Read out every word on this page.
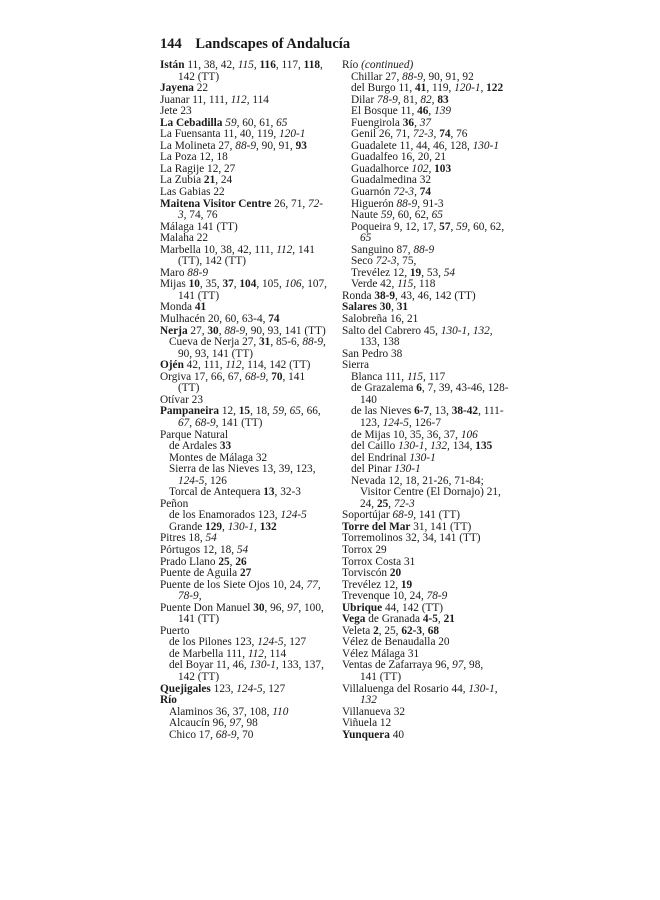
144 Landscapes of Andalucía
Istán 11, 38, 42, 115, 116, 117, 118,
142 (TT)
Jayena 22
Juanar 11, 111, 112, 114
Jete 23
La Cebadilla 59, 60, 61, 65
La Fuensanta 11, 40, 119, 120-1
La Molineta 27, 88-9, 90, 91, 93
La Poza 12, 18
La Ragije 12, 27
La Zubia 21, 24
Las Gabias 22
Maitena Visitor Centre 26, 71, 72-
3, 74, 76
Málaga 141 (TT)
Malaha 22
Marbella 10, 38, 42, 111, 112, 141
(TT), 142 (TT)
Maro 88-9
Mijas 10, 35, 37, 104, 105, 106, 107,
141 (TT)
Monda 41
Mulhacén 20, 60, 63-4, 74
Nerja 27, 30, 88-9, 90, 93, 141 (TT)
Cueva de Nerja 27, 31, 85-6, 88-9,
90, 93, 141 (TT)
Ojén 42, 111, 112, 114, 142 (TT)
Orgiva 17, 66, 67, 68-9, 70, 141
(TT)
Otívar 23
Pampaneira 12, 15, 18, 59, 65, 66,
67, 68-9, 141 (TT)
Parque Natural
de Ardales 33
Montes de Málaga 32
Sierra de las Nieves 13, 39, 123,
124-5, 126
Torcal de Antequera 13, 32-3
Peñon
de los Enamorados 123, 124-5
Grande 129, 130-1, 132
Pitres 18, 54
Pórtugos 12, 18, 54
Prado Llano 25, 26
Puente de Aguila 27
Puente de los Siete Ojos 10, 24, 77,
78-9,
Puente Don Manuel 30, 96, 97, 100,
141 (TT)
Puerto
de los Pilones 123, 124-5, 127
de Marbella 111, 112, 114
del Boyar 11, 46, 130-1, 133, 137,
142 (TT)
Quejigales 123, 124-5, 127
Río
Alaminos 36, 37, 108, 110
Alcaucín 96, 97, 98
Chico 17, 68-9, 70
Río (continued)
Chillar 27, 88-9, 90, 91, 92
del Burgo 11, 41, 119, 120-1, 122
Dilar 78-9, 81, 82, 83
El Bosque 11, 46, 139
Fuengirola 36, 37
Genil 26, 71, 72-3, 74, 76
Guadalete 11, 44, 46, 128, 130-1
Guadalfeo 16, 20, 21
Guadalhorce 102, 103
Guadalmedina 32
Guarnón 72-3, 74
Higuerón 88-9, 91-3
Naute 59, 60, 62, 65
Poqueira 9, 12, 17, 57, 59, 60, 62,
65
Sanguino 87, 88-9
Seco 72-3, 75,
Trevélez 12, 19, 53, 54
Verde 42, 115, 118
Ronda 38-9, 43, 46, 142 (TT)
Salares 30, 31
Salobreña 16, 21
Salto del Cabrero 45, 130-1, 132,
133, 138
San Pedro 38
Sierra
Blanca 111, 115, 117
de Grazalema 6, 7, 39, 43-46, 128-
140
de las Nieves 6-7, 13, 38-42, 111-
123, 124-5, 126-7
de Mijas 10, 35, 36, 37, 106
del Caillo 130-1, 132, 134, 135
del Endrinal 130-1
del Pinar 130-1
Nevada 12, 18, 21-26, 71-84;
Visitor Centre (El Dornajo) 21,
24, 25, 72-3
Soportújar 68-9, 141 (TT)
Torre del Mar 31, 141 (TT)
Torremolinos 32, 34, 141 (TT)
Torrox 29
Torrox Costa 31
Torviscón 20
Trevélez 12, 19
Trevenque 10, 24, 78-9
Ubrique 44, 142 (TT)
Vega de Granada 4-5, 21
Veleta 2, 25, 62-3, 68
Vélez de Benaudalla 20
Vélez Málaga 31
Ventas de Zafarraya 96, 97, 98,
141 (TT)
Villaluenga del Rosario 44, 130-1,
132
Villanueva 32
Viñuela 12
Yunquera 40
